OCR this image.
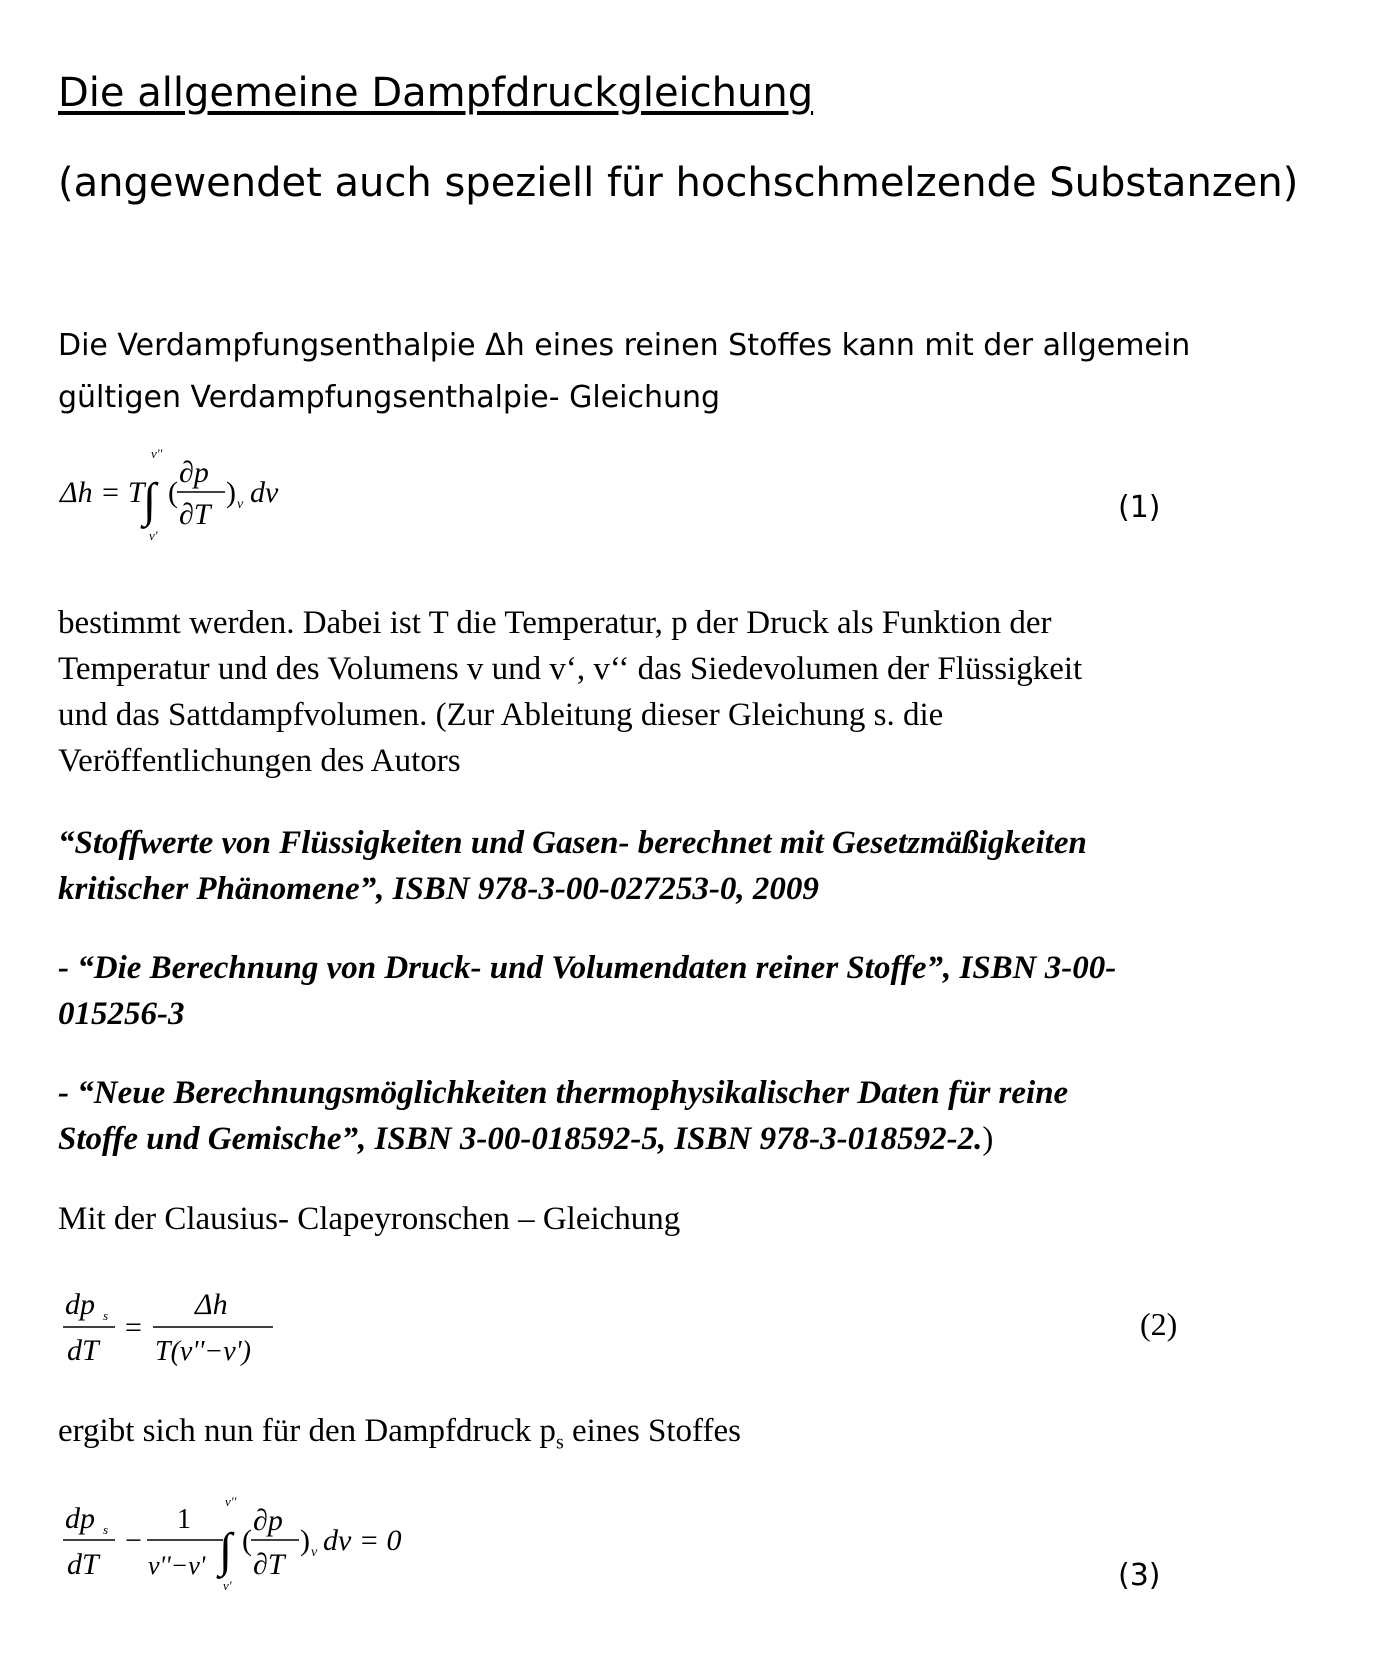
Die allgemeine Dampfdruckgleichung
(angewendet auch speziell für hochschmelzende Substanzen)
Die Verdampfungsenthalpie Δh eines reinen Stoffes kann mit der allgemein
gültigen Verdampfungsenthalpie- Gleichung
Δh = T
v''
∫
v'
(
∂p
∂T
) v dv	(1)
bestimmt werden. Dabei ist T die Temperatur, p der Druck als Funktion der
Temperatur und des Volumens v und v‘, v‘‘ das Siedevolumen der Flüssigkeit
und das Sattdampfvolumen. (Zur Ableitung dieser Gleichung s. die
Veröffentlichungen des Autors
“Stoffwerte von Flüssigkeiten und Gasen- berechnet mit Gesetzmäßigkeiten
kritischer Phänomene”, ISBN 978-3-00-027253-0, 2009
- “Die Berechnung von Druck- und Volumendaten reiner Stoffe”, ISBN 3-00-
015256-3
- “Neue Berechnungsmöglichkeiten thermophysikalischer Daten für reine
Stoffe und Gemische”, ISBN 3-00-018592-5, ISBN 978-3-018592-2.)
Mit der Clausius- Clapeyronschen – Gleichung
dp s
dT
=
Δh
T(v''−v')
(2)
ergibt sich nun für den Dampfdruck $p_s$ eines Stoffes
dp s
dT
−
1
v''−v'
v''
∫
v'
(
∂p
∂T
) v dv = 0
(3)
